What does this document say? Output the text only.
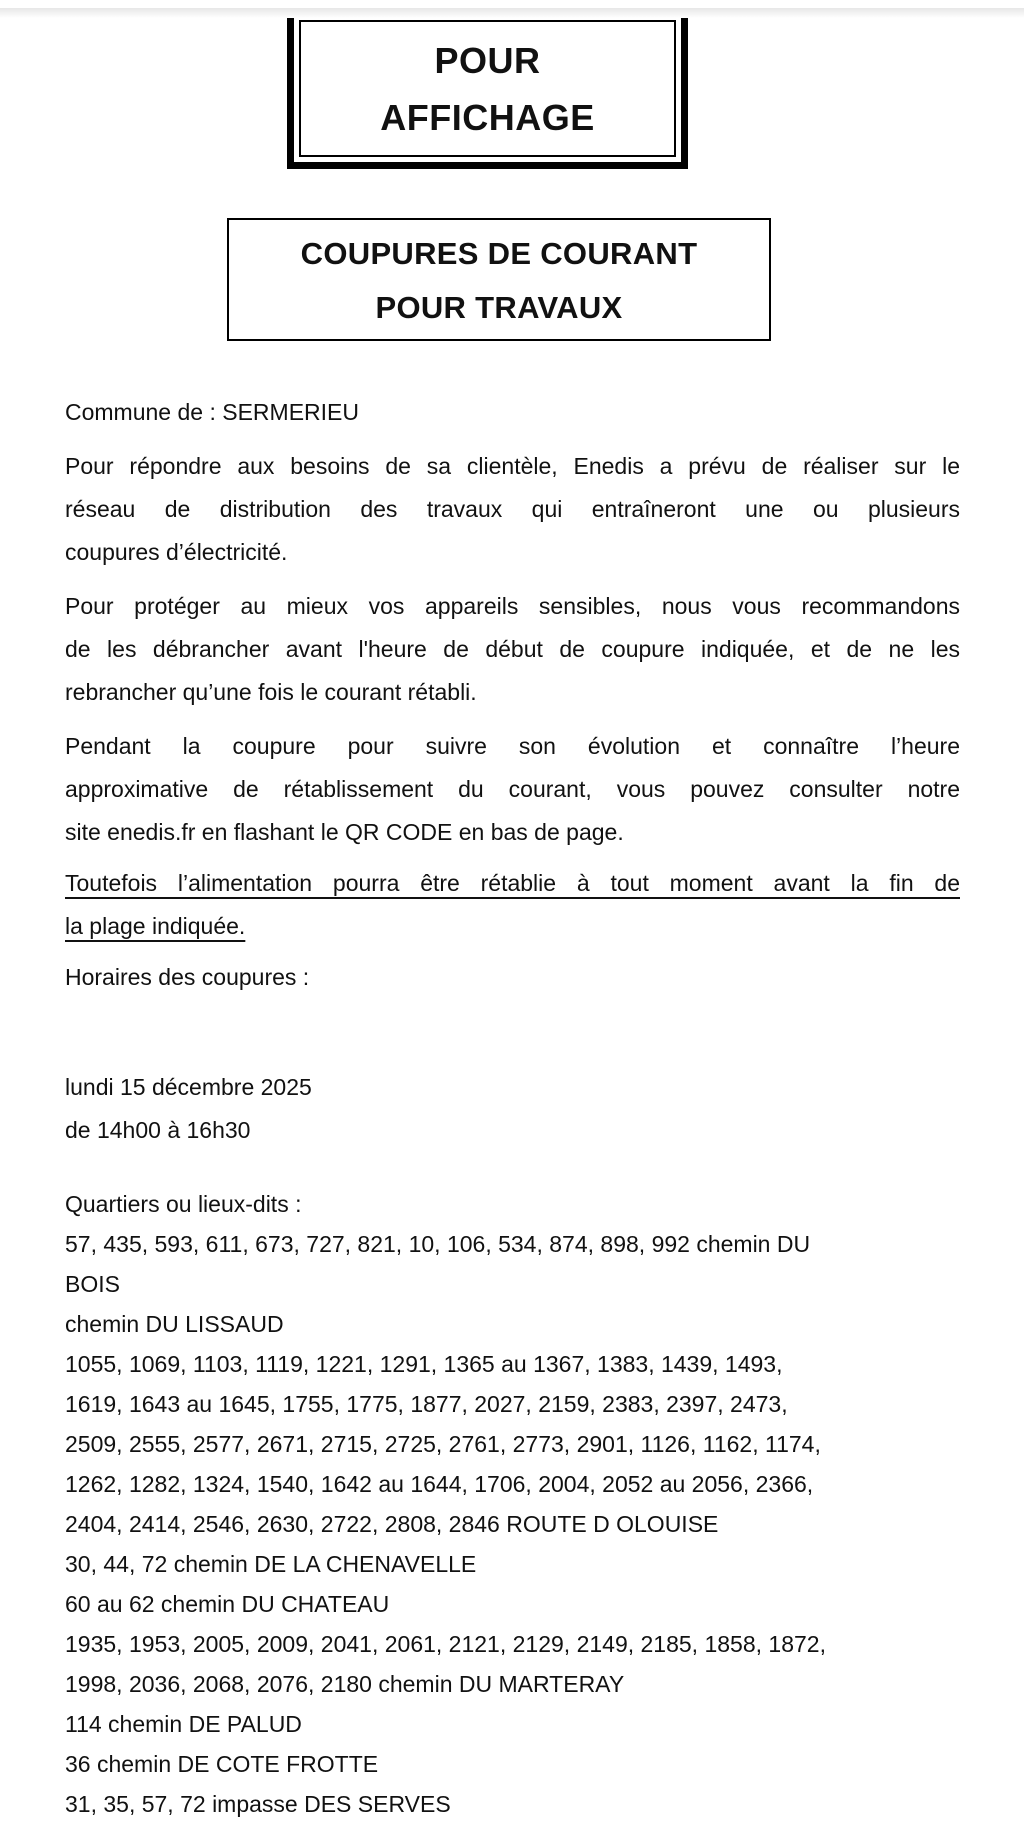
POUR
AFFICHAGE
COUPURES DE COURANT
POUR TRAVAUX
Commune de : SERMERIEU
Pour répondre aux besoins de sa clientèle, Enedis a prévu de réaliser sur le
réseau de distribution des travaux qui entraîneront une ou plusieurs
coupures d’électricité.
Pour protéger au mieux vos appareils sensibles, nous vous recommandons
de les débrancher avant l'heure de début de coupure indiquée, et de ne les
rebrancher qu’une fois le courant rétabli.
Pendant la coupure pour suivre son évolution et connaître l’heure
approximative de rétablissement du courant, vous pouvez consulter notre
site enedis.fr en flashant le QR CODE en bas de page.
Toutefois l’alimentation pourra être rétablie à tout moment avant la fin de
la plage indiquée.
Horaires des coupures :
lundi 15 décembre 2025
de 14h00 à 16h30
Quartiers ou lieux-dits :
57, 435, 593, 611, 673, 727, 821, 10, 106, 534, 874, 898, 992 chemin DU
BOIS
chemin DU LISSAUD
1055, 1069, 1103, 1119, 1221, 1291, 1365 au 1367, 1383, 1439, 1493,
1619, 1643 au 1645, 1755, 1775, 1877, 2027, 2159, 2383, 2397, 2473,
2509, 2555, 2577, 2671, 2715, 2725, 2761, 2773, 2901, 1126, 1162, 1174,
1262, 1282, 1324, 1540, 1642 au 1644, 1706, 2004, 2052 au 2056, 2366,
2404, 2414, 2546, 2630, 2722, 2808, 2846 ROUTE D OLOUISE
30, 44, 72 chemin DE LA CHENAVELLE
60 au 62 chemin DU CHATEAU
1935, 1953, 2005, 2009, 2041, 2061, 2121, 2129, 2149, 2185, 1858, 1872,
1998, 2036, 2068, 2076, 2180 chemin DU MARTERAY
114 chemin DE PALUD
36 chemin DE COTE FROTTE
31, 35, 57, 72 impasse DES SERVES
